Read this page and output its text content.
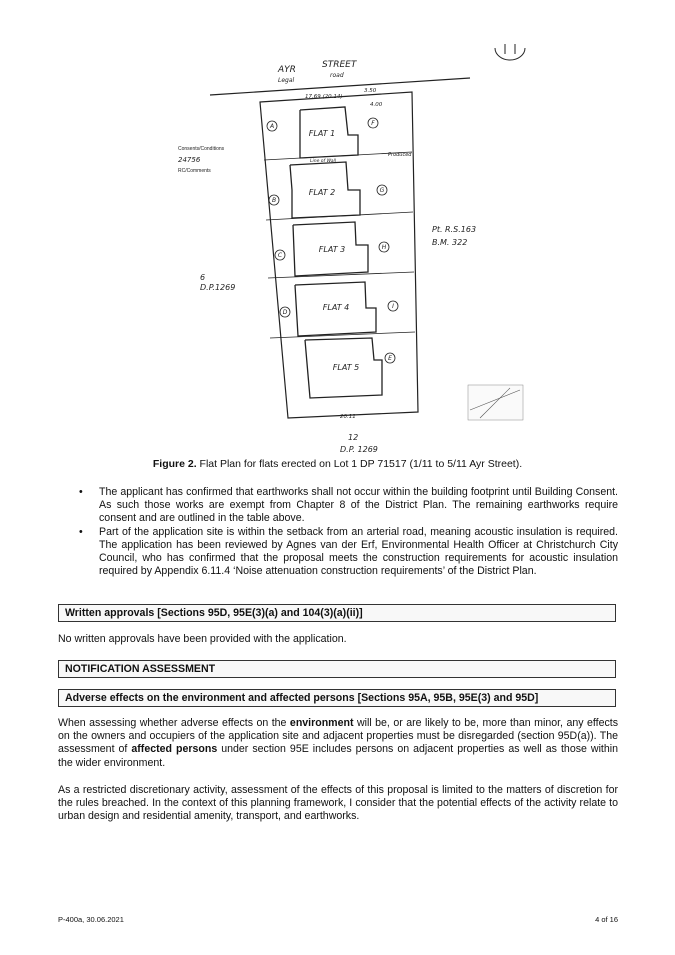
A
B
C
D
F
G
H
I
E
FLAT 1
FLAT 2
FLAT 3
FLAT 4
FLAT 5
AYR	STREET
Legal
road
17.69 (20.14)
3.50
4.00
6
D.P.1269
Pt. R.S.163
B.M. 322
20.11
12
D.P. 1269
Produced
Line of Wall
Consents/Conditions
RC/Comments
24756
Figure 2. Flat Plan for flats erected on Lot 1 DP 71517 (1/11 to 5/11 Ayr Street).
• The applicant has confirmed that earthworks shall not occur within the building footprint until Building Consent. As such those works are exempt from Chapter 8 of the District Plan. The remaining earthworks require consent and are outlined in the table above.
• Part of the application site is within the setback from an arterial road, meaning acoustic insulation is required. The application has been reviewed by Agnes van der Erf, Environmental Health Officer at Christchurch City Council, who has confirmed that the proposal meets the construction requirements for acoustic insulation required by Appendix 6.11.4 ‘Noise attenuation construction requirements’ of the District Plan.
Written approvals [Sections 95D, 95E(3)(a) and 104(3)(a)(ii)]

No written approvals have been provided with the application.

NOTIFICATION ASSESSMENT
Adverse effects on the environment and affected persons [Sections 95A, 95B, 95E(3) and 95D]

When assessing whether adverse effects on the environment will be, or are likely to be, more than minor, any effects on the owners and occupiers of the application site and adjacent properties must be disregarded (section 95D(a)). The assessment of affected persons under section 95E includes persons on adjacent properties as well as those within the wider environment.

As a restricted discretionary activity, assessment of the effects of this proposal is limited to the matters of discretion for the rules breached. In the context of this planning framework, I consider that the potential effects of the activity relate to urban design and residential amenity, transport, and earthworks.

P-400a, 30.06.2021	4 of 16
